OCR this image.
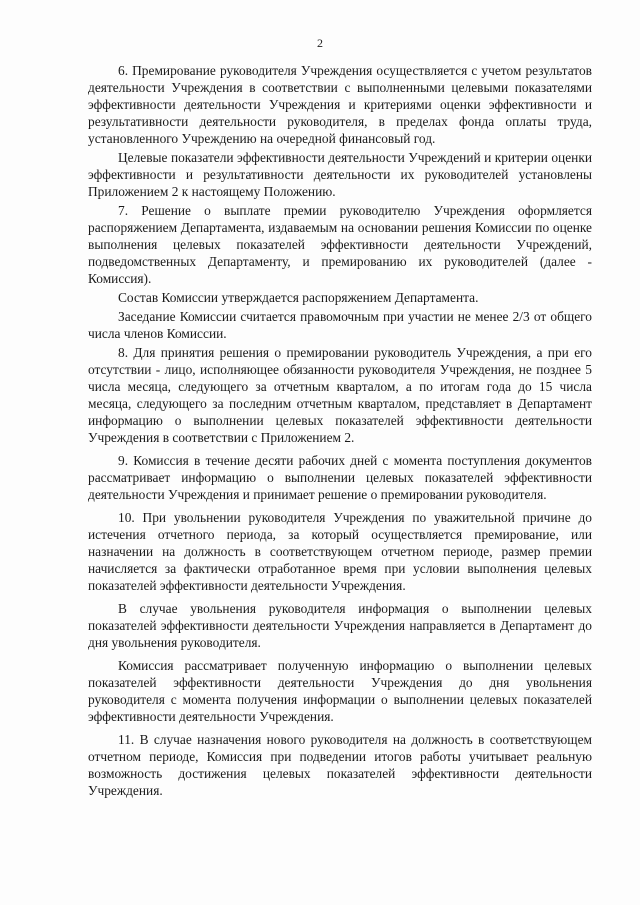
2

6. Премирование руководителя Учреждения осуществляется с учетом результатов деятельности Учреждения в соответствии с выполненными целевыми показателями эффективности деятельности Учреждения и критериями оценки эффективности и результативности деятельности руководителя, в пределах фонда оплаты труда, установленного Учреждению на очередной финансовый год.

Целевые показатели эффективности деятельности Учреждений и критерии оценки эффективности и результативности деятельности их руководителей установлены Приложением 2 к настоящему Положению.

7. Решение о выплате премии руководителю Учреждения оформляется распоряжением Департамента, издаваемым на основании решения Комиссии по оценке выполнения целевых показателей эффективности деятельности Учреждений, подведомственных Департаменту, и премированию их руководителей (далее - Комиссия).

Состав Комиссии утверждается распоряжением Департамента.

Заседание Комиссии считается правомочным при участии не менее 2/3 от общего числа членов Комиссии.

8. Для принятия решения о премировании руководитель Учреждения, а при его отсутствии - лицо, исполняющее обязанности руководителя Учреждения, не позднее 5 числа месяца, следующего за отчетным кварталом, а по итогам года до 15 числа месяца, следующего за последним отчетным кварталом, представляет в Департамент информацию о выполнении целевых показателей эффективности деятельности Учреждения в соответствии с Приложением 2.

9. Комиссия в течение десяти рабочих дней с момента поступления документов рассматривает информацию о выполнении целевых показателей эффективности деятельности Учреждения и принимает решение о премировании руководителя.

10. При увольнении руководителя Учреждения по уважительной причине до истечения отчетного периода, за который осуществляется премирование, или назначении на должность в соответствующем отчетном периоде, размер премии начисляется за фактически отработанное время при условии выполнения целевых показателей эффективности деятельности Учреждения.

В случае увольнения руководителя информация о выполнении целевых показателей эффективности деятельности Учреждения направляется в Департамент до дня увольнения руководителя.

Комиссия рассматривает полученную информацию о выполнении целевых показателей эффективности деятельности Учреждения до дня увольнения руководителя с момента получения информации о выполнении целевых показателей эффективности деятельности Учреждения.

11. В случае назначения нового руководителя на должность в соответствующем отчетном периоде, Комиссия при подведении итогов работы учитывает реальную возможность достижения целевых показателей эффективности деятельности Учреждения.
